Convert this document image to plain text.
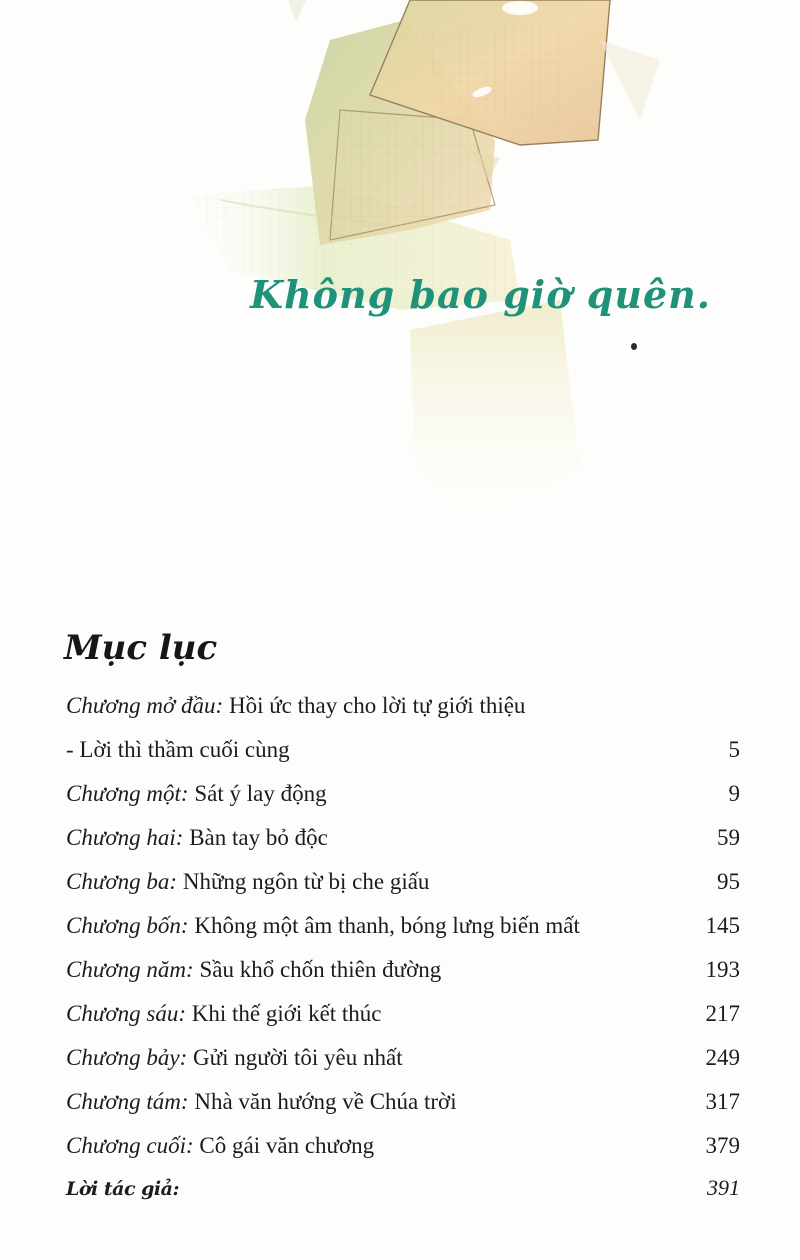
Không bao giờ quên.

Mục lục
Chương mở đầu: Hồi ức thay cho lời tự giới thiệu
- Lời thì thầm cuối cùng	5
Chương một: Sát ý lay động	9
Chương hai: Bàn tay bỏ độc	59
Chương ba: Những ngôn từ bị che giấu	95
Chương bốn: Không một âm thanh, bóng lưng biến mất	145
Chương năm: Sầu khổ chốn thiên đường	193
Chương sáu: Khi thế giới kết thúc	217
Chương bảy: Gửi người tôi yêu nhất	249
Chương tám: Nhà văn hướng về Chúa trời	317
Chương cuối: Cô gái văn chương	379
Lời tác giả:	391
